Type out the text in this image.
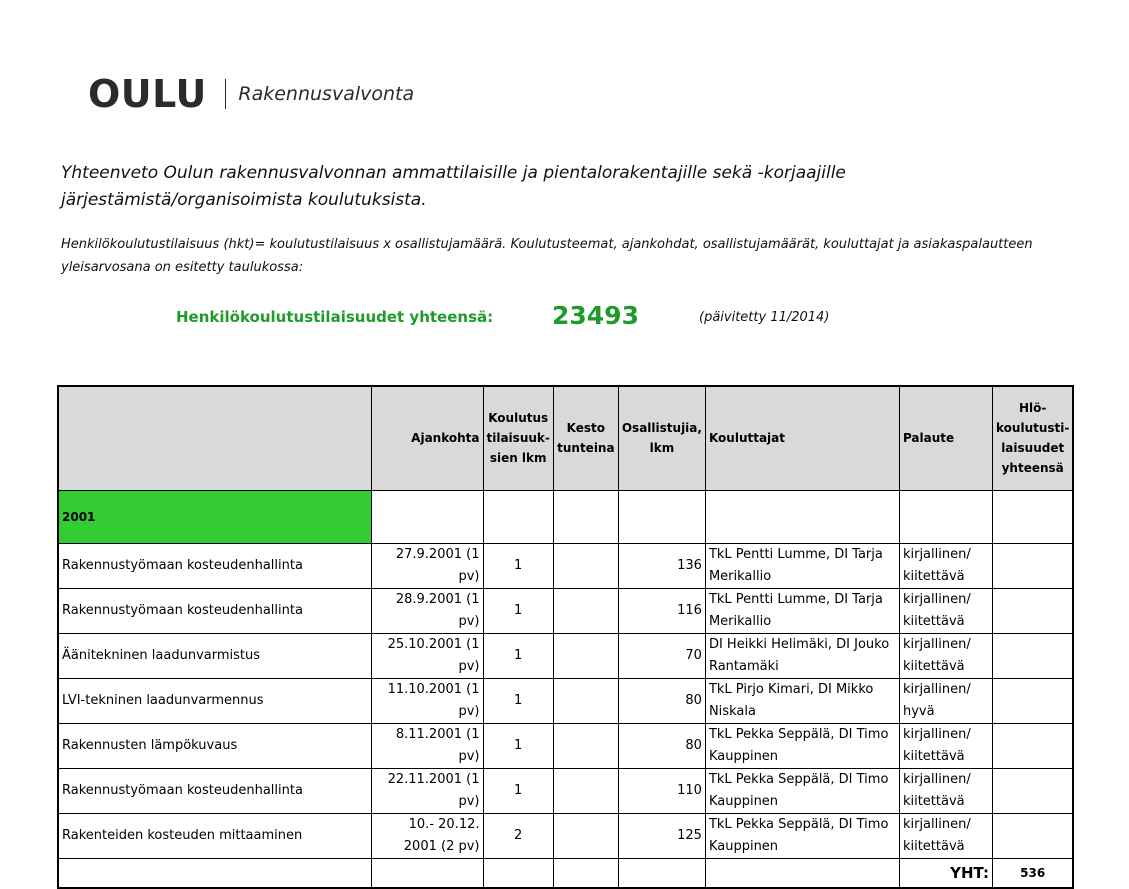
OULU Rakennusvalvonta
Yhteenveto Oulun rakennusvalvonnan ammattilaisille ja pientalorakentajille sekä -korjaajille järjestämistä/organisoimista koulutuksista.
Henkilökoulutustilaisuus (hkt)= koulutustilaisuus x osallistujamäärä. Koulutusteemat, ajankohdat, osallistujamäärät, kouluttajat ja asiakaspalautteen yleisarvosana on esitetty taulukossa:
Henkilökoulutustilaisuudet yhteensä: 23493	(päivitetty 11/2014)
	Ajankohta	Koulutus tilaisuuk-sien lkm	Kesto tunteina	Osallistujia, lkm	Kouluttajat	Palaute	Hlö-koulutusti-laisuudet yhteensä
2001							
Rakennustyömaan kosteudenhallinta	27.9.2001 (1 pv)	1		136	TkL Pentti Lumme, DI Tarja Merikallio	kirjallinen/ kiitettävä	
Rakennustyömaan kosteudenhallinta	28.9.2001 (1 pv)	1		116	TkL Pentti Lumme, DI Tarja Merikallio	kirjallinen/ kiitettävä	
Äänitekninen laadunvarmistus	25.10.2001 (1 pv)	1		70	DI Heikki Helimäki, DI Jouko Rantamäki	kirjallinen/ kiitettävä	
LVI-tekninen laadunvarmennus	11.10.2001 (1 pv)	1		80	TkL Pirjo Kimari, DI Mikko Niskala	kirjallinen/ hyvä	
Rakennusten lämpökuvaus	8.11.2001 (1 pv)	1		80	TkL Pekka Seppälä, DI Timo Kauppinen	kirjallinen/ kiitettävä	
Rakennustyömaan kosteudenhallinta	22.11.2001 (1 pv)	1		110	TkL Pekka Seppälä, DI Timo Kauppinen	kirjallinen/ kiitettävä	
Rakenteiden kosteuden mittaaminen	10.- 20.12. 2001 (2 pv)	2		125	TkL Pekka Seppälä, DI Timo Kauppinen	kirjallinen/ kiitettävä	
						YHT:	536
